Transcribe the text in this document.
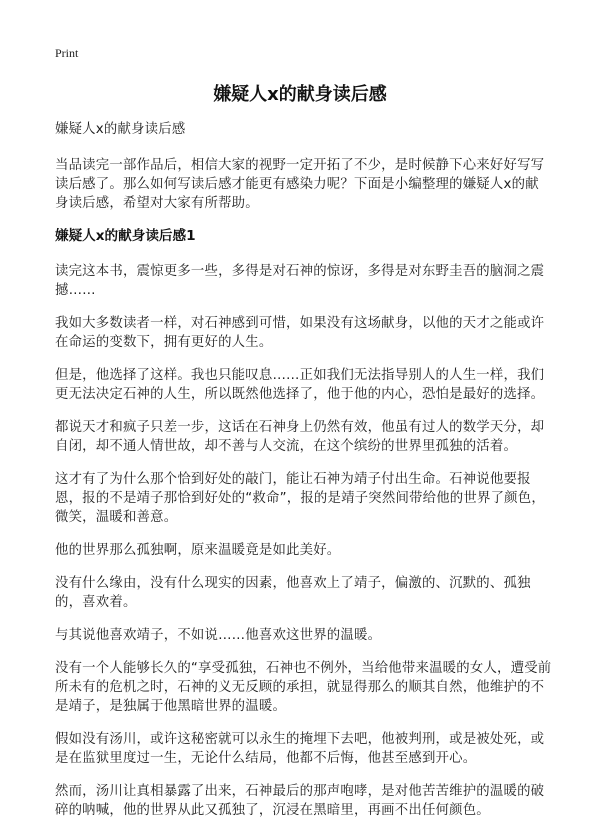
Print
嫌疑人x的献身读后感

嫌疑人x的献身读后感

当品读完一部作品后，相信大家的视野一定开拓了不少，是时候静下心来好好写写读后感了。那么如何写读后感才能更有感染力呢？下面是小编整理的嫌疑人x的献身读后感，希望对大家有所帮助。

嫌疑人x的献身读后感1

读完这本书，震惊更多一些，多得是对石神的惊讶，多得是对东野圭吾的脑洞之震撼……

我如大多数读者一样，对石神感到可惜，如果没有这场献身，以他的天才之能或许在命运的变数下，拥有更好的人生。

但是，他选择了这样。我也只能叹息……正如我们无法指导别人的人生一样，我们更无法决定石神的人生，所以既然他选择了，他于他的内心，恐怕是最好的选择。

都说天才和疯子只差一步，这话在石神身上仍然有效，他虽有过人的数学天分，却自闭，却不通人情世故，却不善与人交流，在这个缤纷的世界里孤独的活着。

这才有了为什么那个恰到好处的敲门，能让石神为靖子付出生命。石神说他要报恩，报的不是靖子那恰到好处的“救命”，报的是靖子突然间带给他的世界了颜色，微笑，温暖和善意。

他的世界那么孤独啊，原来温暖竟是如此美好。

没有什么缘由，没有什么现实的因素，他喜欢上了靖子，偏激的、沉默的、孤独的，喜欢着。

与其说他喜欢靖子，不如说……他喜欢这世界的温暖。

没有一个人能够长久的“享受孤独，石神也不例外，当给他带来温暖的女人，遭受前所未有的危机之时，石神的义无反顾的承担，就显得那么的顺其自然，他维护的不是靖子，是独属于他黑暗世界的温暖。

假如没有汤川，或许这秘密就可以永生的掩埋下去吧，他被判刑，或是被处死，或是在监狱里度过一生，无论什么结局，他都不后悔，他甚至感到开心。

然而，汤川让真相暴露了出来，石神最后的那声咆哮，是对他苦苦维护的温暖的破碎的呐喊，他的世界从此又孤独了，沉浸在黑暗里，再画不出任何颜色。
